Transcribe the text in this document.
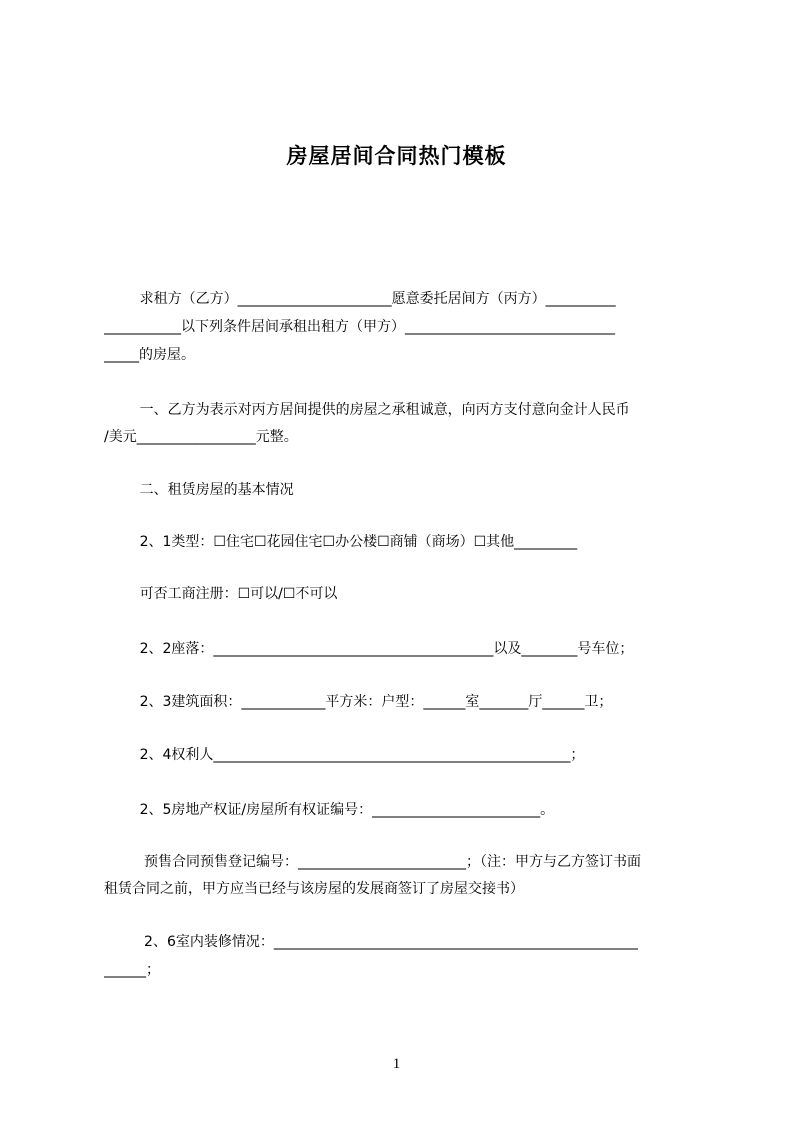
房屋居间合同热门模板
求租方（乙方）______________________愿意委托居间方（丙方）__________
___________以下列条件居间承租出租方（甲方）______________________________
_____的房屋。
一、乙方为表示对丙方居间提供的房屋之承租诚意，向丙方支付意向金计人民币
/美元_________________元整。
二、租赁房屋的基本情况
2、1类型：☐住宅☐花园住宅☐办公楼☐商铺（商场）☐其他_________
可否工商注册：☐可以/☐不可以
2、2座落：________________________________________以及________号车位；
2、3建筑面积：____________平方米：户型：______室_______厅______卫；
2、4权利人___________________________________________________；
2、5房地产权证/房屋所有权证编号：________________________。
预售合同预售登记编号：________________________；（注：甲方与乙方签订书面
租赁合同之前，甲方应当已经与该房屋的发展商签订了房屋交接书）
2、6室内装修情况：____________________________________________________
______；
1
